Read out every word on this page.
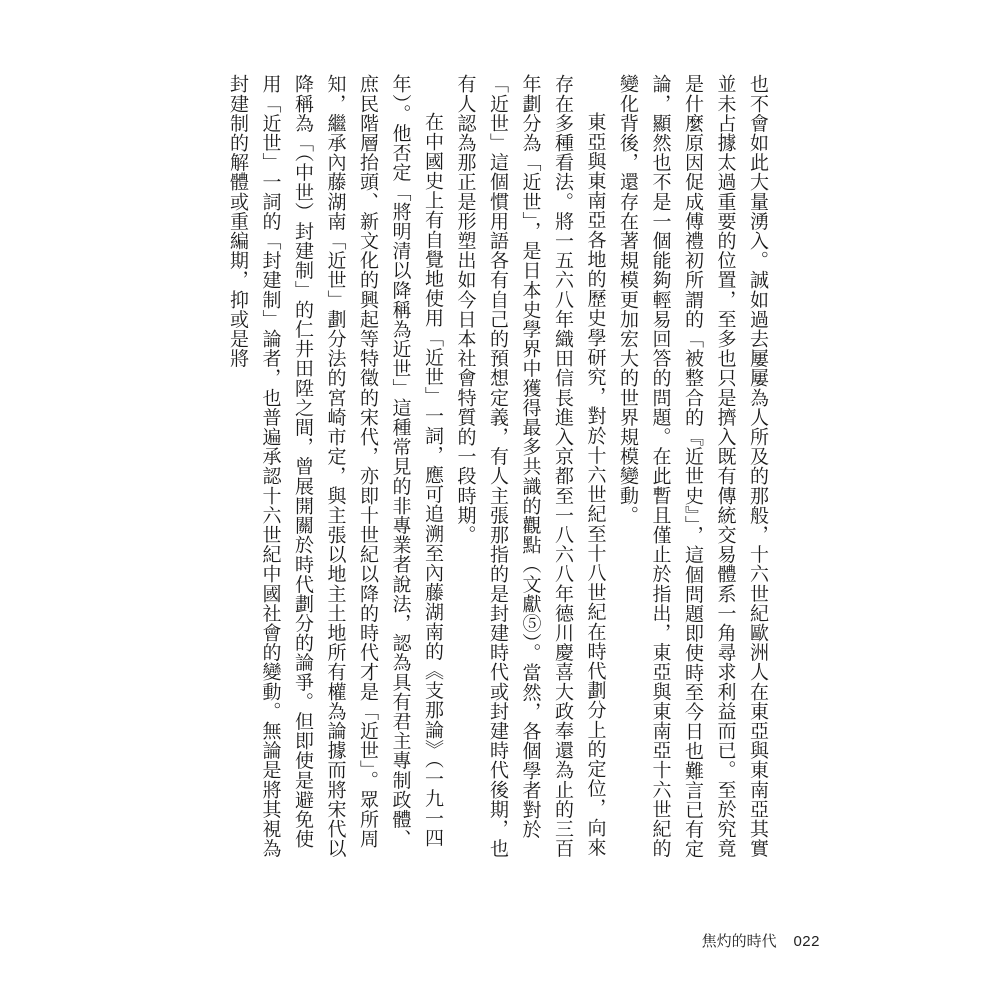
也不會如此大量湧入。誠如過去屢屢為人所及的那般，十六世紀歐洲人在東亞與東南亞其實並未占據太過重要的位置，至多也只是擠入既有傳統交易體系一角尋求利益而已。至於究竟是什麼原因促成傅禮初所謂的「被整合的『近世史』」，這個問題即使時至今日也難言已有定論，顯然也不是一個能夠輕易回答的問題。在此暫且僅止於指出，東亞與東南亞十六世紀的變化背後，還存在著規模更加宏大的世界規模變動。

東亞與東南亞各地的歷史學研究，對於十六世紀至十八世紀在時代劃分上的定位，向來存在多種看法。將一五六八年織田信長進入京都至一八六八年德川慶喜大政奉還為止的三百年劃分為「近世」，是日本史學界中獲得最多共識的觀點（文獻⑤）。當然，各個學者對於「近世」這個慣用語各有自己的預想定義，有人主張那指的是封建時代或封建時代後期，也有人認為那正是形塑出如今日本社會特質的一段時期。

在中國史上有自覺地使用「近世」一詞，應可追溯至內藤湖南的《支那論》（一九一四年）。他否定「將明清以降稱為近世」這種常見的非專業者說法，認為具有君主專制政體、庶民階層抬頭、新文化的興起等特徵的宋代，亦即十世紀以降的時代才是「近世」。眾所周知，繼承內藤湖南「近世」劃分法的宮崎市定，與主張以地主土地所有權為論據而將宋代以降稱為「（中世）封建制」的仁井田陞之間，曾展開關於時代劃分的論爭。但即使是避免使用「近世」一詞的「封建制」論者，也普遍承認十六世紀中國社會的變動。無論是將其視為封建制的解體或重編期，抑或是將

焦灼的時代 022
